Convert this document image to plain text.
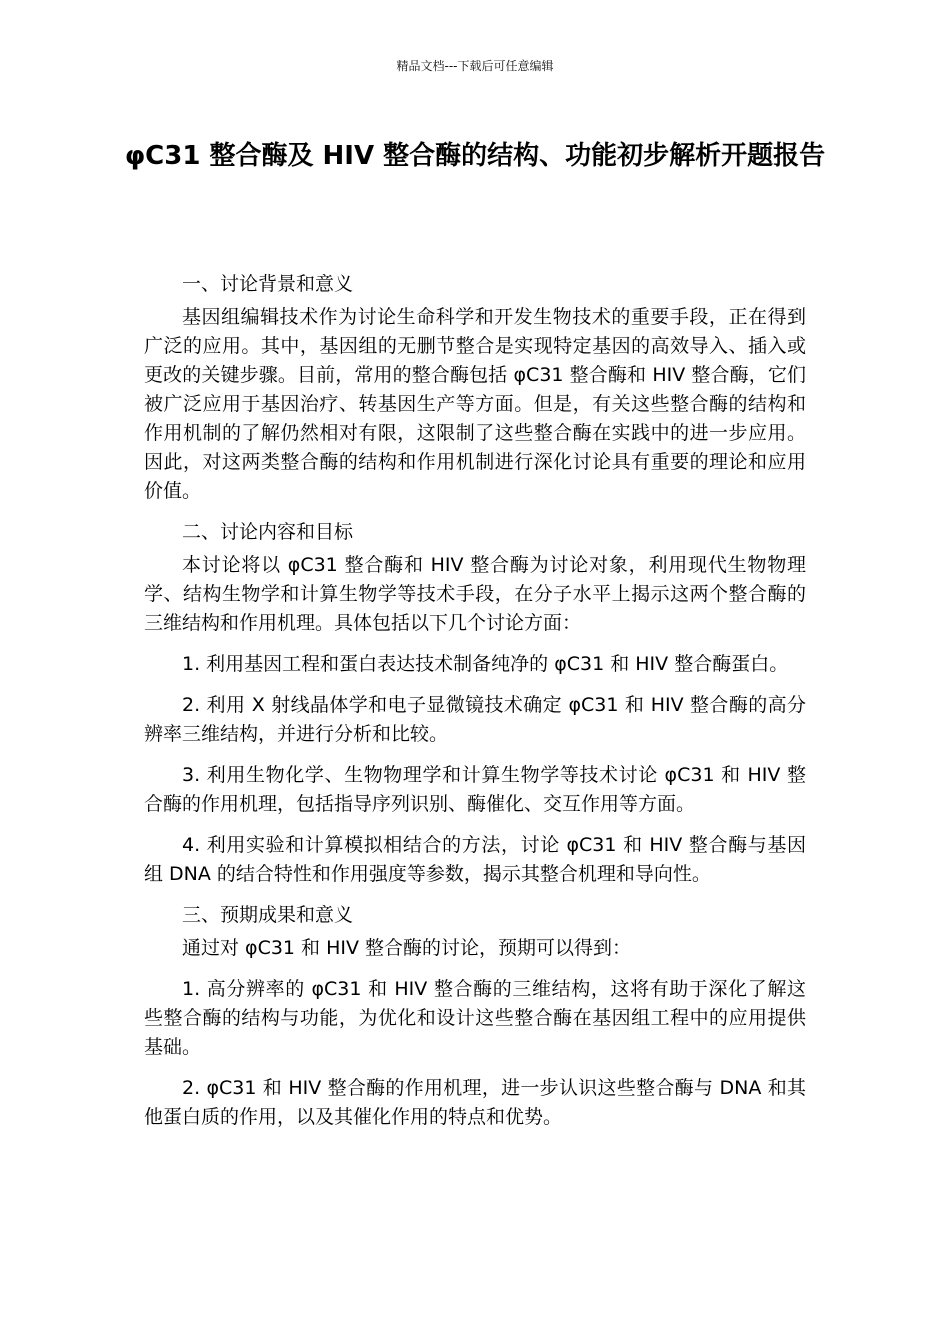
精品文档---下载后可任意编辑
φC31 整合酶及 HIV 整合酶的结构、功能初步解析开题报告

一、讨论背景和意义

基因组编辑技术作为讨论生命科学和开发生物技术的重要手段，正在得到广泛的应用。其中，基因组的无删节整合是实现特定基因的高效导入、插入或更改的关键步骤。目前，常用的整合酶包括 φC31 整合酶和 HIV 整合酶，它们被广泛应用于基因治疗、转基因生产等方面。但是，有关这些整合酶的结构和作用机制的了解仍然相对有限，这限制了这些整合酶在实践中的进一步应用。因此，对这两类整合酶的结构和作用机制进行深化讨论具有重要的理论和应用价值。

二、讨论内容和目标

本讨论将以 φC31 整合酶和 HIV 整合酶为讨论对象，利用现代生物物理学、结构生物学和计算生物学等技术手段，在分子水平上揭示这两个整合酶的三维结构和作用机理。具体包括以下几个讨论方面：

1. 利用基因工程和蛋白表达技术制备纯净的 φC31 和 HIV 整合酶蛋白。

2. 利用 X 射线晶体学和电子显微镜技术确定 φC31 和 HIV 整合酶的高分辨率三维结构，并进行分析和比较。

3. 利用生物化学、生物物理学和计算生物学等技术讨论 φC31 和 HIV 整合酶的作用机理，包括指导序列识别、酶催化、交互作用等方面。

4. 利用实验和计算模拟相结合的方法，讨论 φC31 和 HIV 整合酶与基因组 DNA 的结合特性和作用强度等参数，揭示其整合机理和导向性。

三、预期成果和意义

通过对 φC31 和 HIV 整合酶的讨论，预期可以得到：

1. 高分辨率的 φC31 和 HIV 整合酶的三维结构，这将有助于深化了解这些整合酶的结构与功能，为优化和设计这些整合酶在基因组工程中的应用提供基础。

2. φC31 和 HIV 整合酶的作用机理，进一步认识这些整合酶与 DNA 和其他蛋白质的作用，以及其催化作用的特点和优势。
